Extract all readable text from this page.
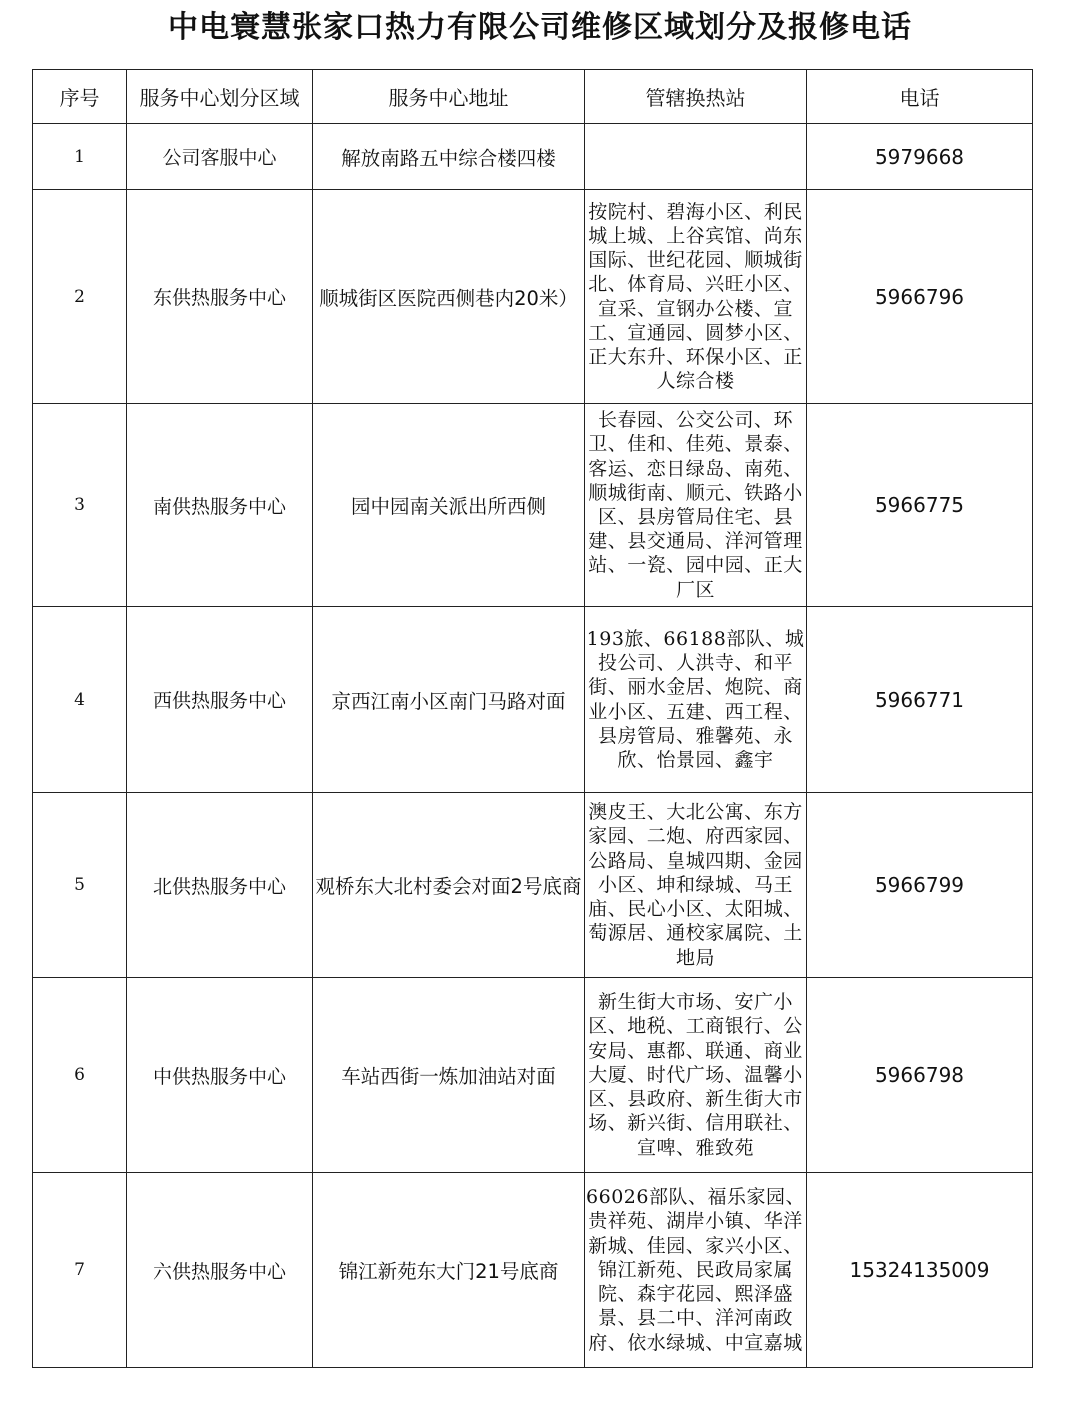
中电寰慧张家口热力有限公司维修区域划分及报修电话
序号	服务中心划分区域	服务中心地址	管辖换热站	电话
1	公司客服中心	解放南路五中综合楼四楼		5979668
2	东供热服务中心	顺城街区医院西侧巷内20米）	按院村、碧海小区、利民城上城、上谷宾馆、尚东国际、世纪花园、顺城街北、体育局、兴旺小区、宣采、宣钢办公楼、宣工、宣通园、圆梦小区、正大东升、环保小区、正人综合楼	5966796
3	南供热服务中心	园中园南关派出所西侧	长春园、公交公司、环卫、佳和、佳苑、景泰、客运、恋日绿岛、南苑、顺城街南、顺元、铁路小区、县房管局住宅、县建、县交通局、洋河管理站、一瓷、园中园、正大厂区	5966775
4	西供热服务中心	京西江南小区南门马路对面	193旅、66188部队、城投公司、人洪寺、和平街、丽水金居、炮院、商业小区、五建、西工程、县房管局、雅馨苑、永欣、怡景园、鑫宇	5966771
5	北供热服务中心	观桥东大北村委会对面2号底商	澳皮王、大北公寓、东方家园、二炮、府西家园、公路局、皇城四期、金园小区、坤和绿城、马王庙、民心小区、太阳城、萄源居、通校家属院、土地局	5966799
6	中供热服务中心	车站西街一炼加油站对面	新生街大市场、安广小区、地税、工商银行、公安局、惠都、联通、商业大厦、时代广场、温馨小区、县政府、新生街大市场、新兴街、信用联社、宣啤、雅致苑	5966798
7	六供热服务中心	锦江新苑东大门21号底商	66026部队、福乐家园、贵祥苑、湖岸小镇、华洋新城、佳园、家兴小区、锦江新苑、民政局家属院、森宇花园、熙泽盛景、县二中、洋河南政府、依水绿城、中宣嘉城	15324135009
